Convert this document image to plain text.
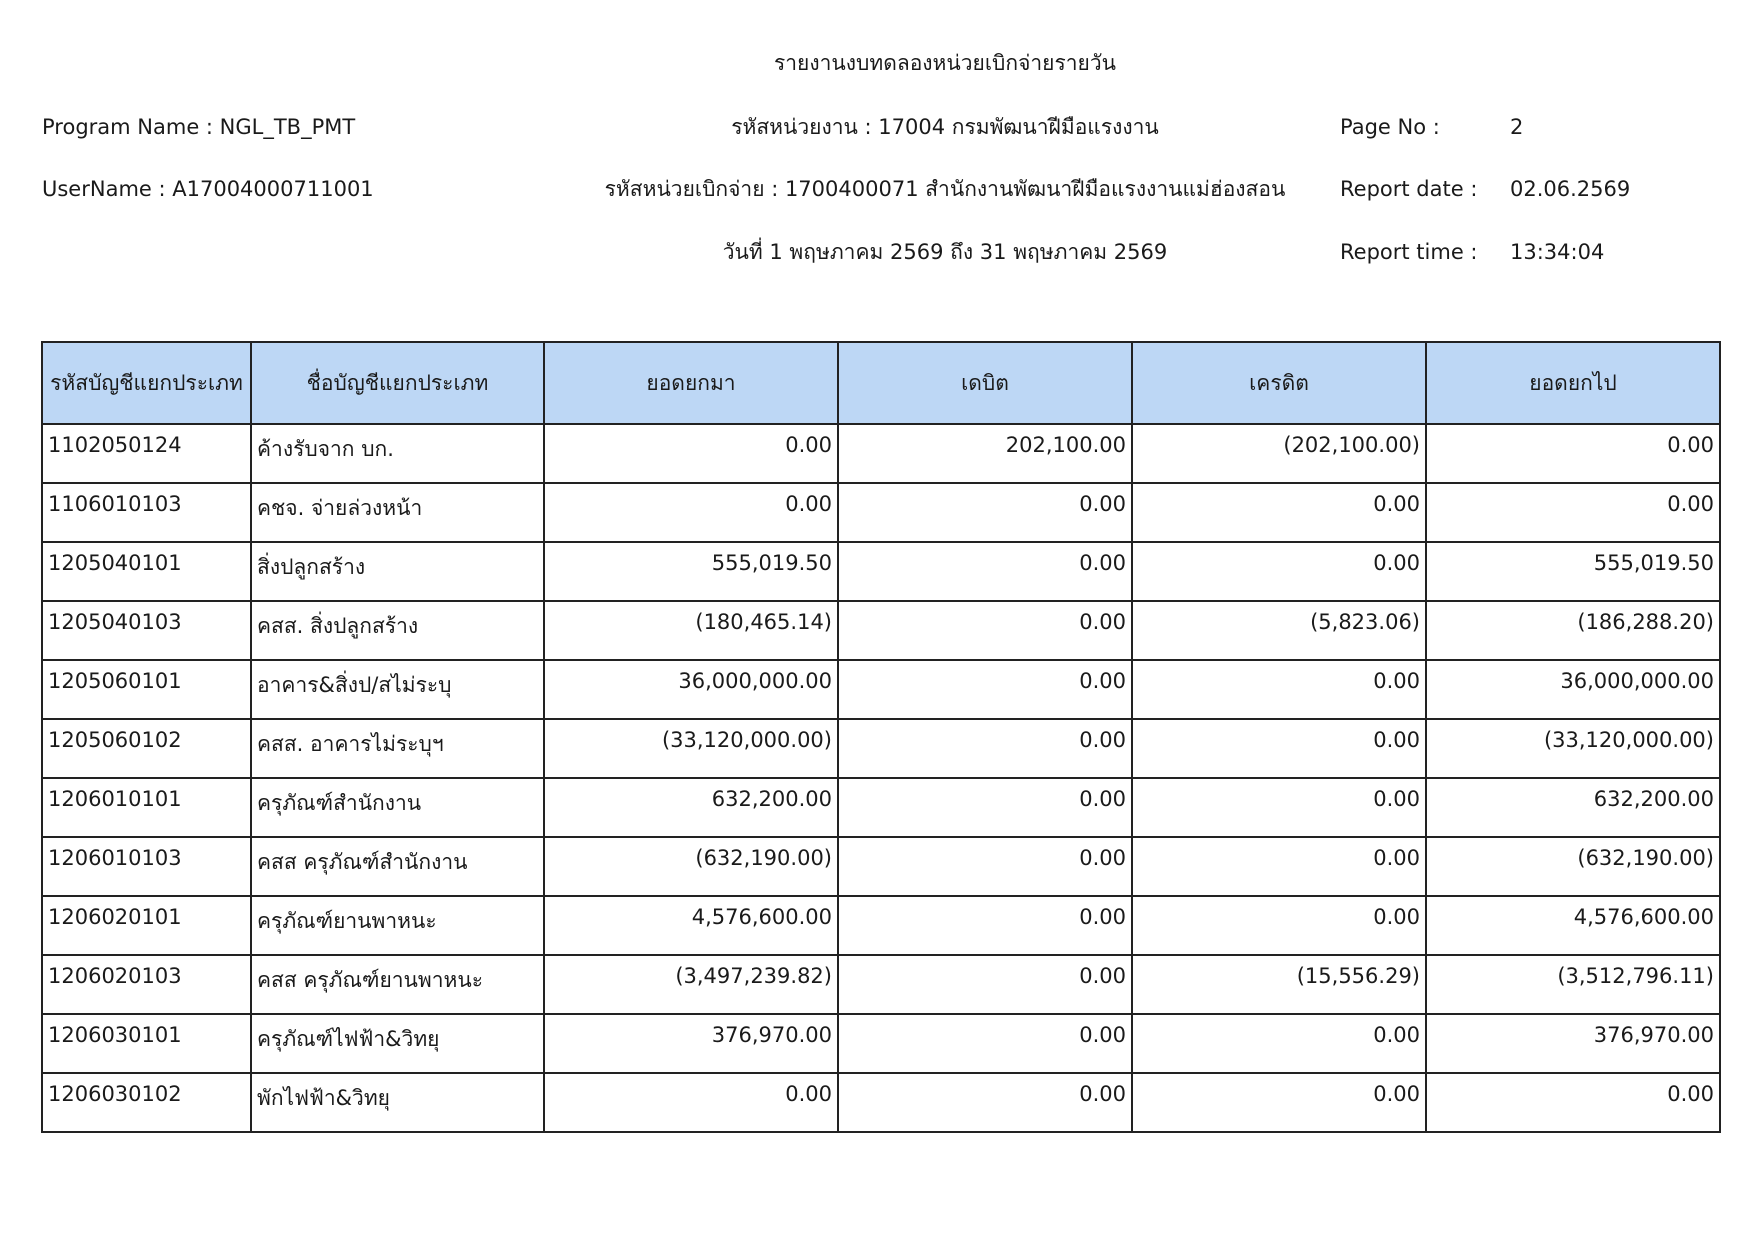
รายงานงบทดลองหน่วยเบิกจ่ายรายวัน
Program Name : NGL_TB_PMT	รหัสหน่วยงาน : 17004 กรมพัฒนาฝีมือแรงงาน	Page No :	2
UserName : A17004000711001	รหัสหน่วยเบิกจ่าย : 1700400071 สำนักงานพัฒนาฝีมือแรงงานแม่ฮ่องสอน	Report date : 02.06.2569
วันที่ 1 พฤษภาคม 2569 ถึง 31 พฤษภาคม 2569	Report time : 13:34:04
รหัสบัญชีแยกประเภท	ชื่อบัญชีแยกประเภท	ยอดยกมา	เดบิต	เครดิต	ยอดยกไป
1102050124	ค้างรับจาก บก.	0.00	202,100.00	(202,100.00)	0.00
1106010103	คชจ. จ่ายล่วงหน้า	0.00	0.00	0.00	0.00
1205040101	สิ่งปลูกสร้าง	555,019.50	0.00	0.00	555,019.50
1205040103	คสส. สิ่งปลูกสร้าง	(180,465.14)	0.00	(5,823.06)	(186,288.20)
1205060101	อาคาร&สิ่งป/สไม่ระบุ	36,000,000.00	0.00	0.00	36,000,000.00
1205060102	คสส. อาคารไม่ระบุฯ	(33,120,000.00)	0.00	0.00	(33,120,000.00)
1206010101	ครุภัณฑ์สำนักงาน	632,200.00	0.00	0.00	632,200.00
1206010103	คสส ครุภัณฑ์สำนักงาน	(632,190.00)	0.00	0.00	(632,190.00)
1206020101	ครุภัณฑ์ยานพาหนะ	4,576,600.00	0.00	0.00	4,576,600.00
1206020103	คสส ครุภัณฑ์ยานพาหนะ	(3,497,239.82)	0.00	(15,556.29)	(3,512,796.11)
1206030101	ครุภัณฑ์ไฟฟ้า&วิทยุ	376,970.00	0.00	0.00	376,970.00
1206030102	พักไฟฟ้า&วิทยุ	0.00	0.00	0.00	0.00
